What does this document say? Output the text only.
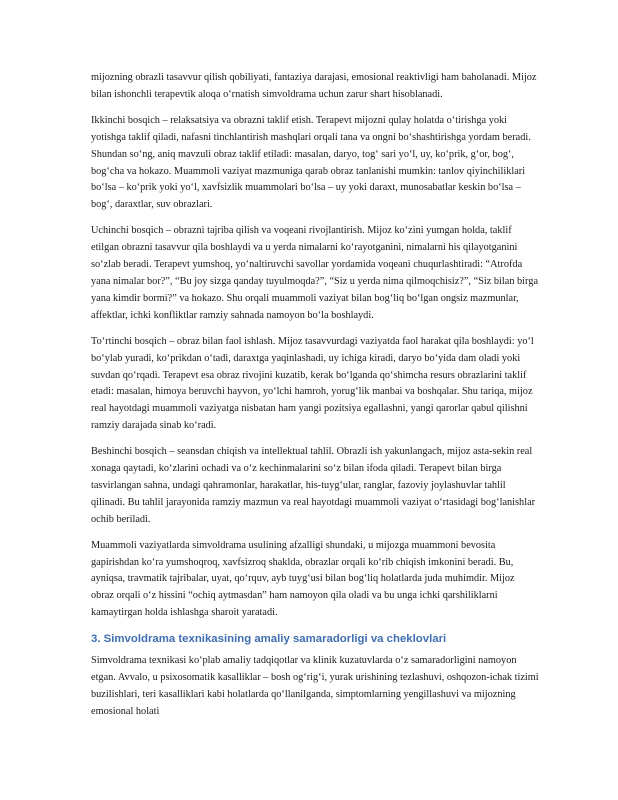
mijozning obrazli tasavvur qilish qobiliyati, fantaziya darajasi, emosional reaktivligi ham baholanadi. Mijoz bilan ishonchli terapevtik aloqa o‘rnatish simvoldrama uchun zarur shart hisoblanadi.

Ikkinchi bosqich – relaksatsiya va obrazni taklif etish. Terapevt mijozni qulay holatda o‘tirishga yoki yotishga taklif qiladi, nafasni tinchlantirish mashqlari orqali tana va ongni bo‘shashtirishga yordam beradi. Shundan so‘ng, aniq mavzuli obraz taklif etiladi: masalan, daryo, tog‘ sari yo‘l, uy, ko‘prik, g‘or, bog‘, bog‘cha va hokazo. Muammoli vaziyat mazmuniga qarab obraz tanlanishi mumkin: tanlov qiyinchiliklari bo‘lsa – ko‘prik yoki yo‘l, xavfsizlik muammolari bo‘lsa – uy yoki daraxt, munosabatlar keskin bo‘lsa – bog‘, daraxtlar, suv obrazlari.

Uchinchi bosqich – obrazni tajriba qilish va voqeani rivojlantirish. Mijoz ko‘zini yumgan holda, taklif etilgan obrazni tasavvur qila boshlaydi va u yerda nimalarni ko‘rayotganini, nimalarni his qilayotganini so‘zlab beradi. Terapevt yumshoq, yo‘naltiruvchi savollar yordamida voqeani chuqurlashtiradi: “Atrofda yana nimalar bor?”, “Bu joy sizga qanday tuyulmoqda?”, “Siz u yerda nima qilmoqchisiz?”, “Siz bilan birga yana kimdir bormi?” va hokazo. Shu orqali muammoli vaziyat bilan bog‘liq bo‘lgan ongsiz mazmunlar, affektlar, ichki konfliktlar ramziy sahnada namoyon bo‘la boshlaydi.

To‘rtinchi bosqich – obraz bilan faol ishlash. Mijoz tasavvurdagi vaziyatda faol harakat qila boshlaydi: yo‘l bo‘ylab yuradi, ko‘prikdan o‘tadi, daraxtga yaqinlashadi, uy ichiga kiradi, daryo bo‘yida dam oladi yoki suvdan qo‘rqadi. Terapevt esa obraz rivojini kuzatib, kerak bo‘lganda qo‘shimcha resurs obrazlarini taklif etadi: masalan, himoya beruvchi hayvon, yo‘lchi hamroh, yorug‘lik manbai va boshqalar. Shu tariqa, mijoz real hayotdagi muammoli vaziyatga nisbatan ham yangi pozitsiya egallashni, yangi qarorlar qabul qilishni ramziy darajada sinab ko‘radi.

Beshinchi bosqich – seansdan chiqish va intellektual tahlil. Obrazli ish yakunlangach, mijoz asta-sekin real xonaga qaytadi, ko‘zlarini ochadi va o‘z kechinmalarini so‘z bilan ifoda qiladi. Terapevt bilan birga tasvirlangan sahna, undagi qahramonlar, harakatlar, his-tuyg‘ular, ranglar, fazoviy joylashuvlar tahlil qilinadi. Bu tahlil jarayonida ramziy mazmun va real hayotdagi muammoli vaziyat o‘rtasidagi bog‘lanishlar ochib beriladi.

Muammoli vaziyatlarda simvoldrama usulining afzalligi shundaki, u mijozga muammoni bevosita gapirishdan ko‘ra yumshoqroq, xavfsizroq shaklda, obrazlar orqali ko‘rib chiqish imkonini beradi. Bu, ayniqsa, travmatik tajribalar, uyat, qo‘rquv, ayb tuyg‘usi bilan bog‘liq holatlarda juda muhimdir. Mijoz obraz orqali o‘z hissini “ochiq aytmasdan” ham namoyon qila oladi va bu unga ichki qarshiliklarni kamaytirgan holda ishlashga sharoit yaratadi.

3. Simvoldrama texnikasining amaliy samaradorligi va cheklovlari

Simvoldrama texnikasi ko‘plab amaliy tadqiqotlar va klinik kuzatuvlarda o‘z samaradorligini namoyon etgan. Avvalo, u psixosomatik kasalliklar – bosh og‘rig‘i, yurak urishining tezlashuvi, oshqozon-ichak tizimi buzilishlari, teri kasalliklari kabi holatlarda qo‘llanilganda, simptomlarning yengillashuvi va mijozning emosional holati
